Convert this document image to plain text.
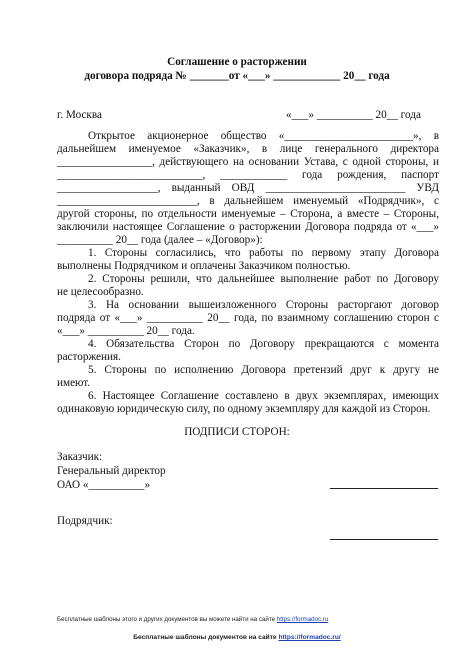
Соглашение о расторжении
договора подряда № _______от «___» ____________ 20__ года
г. Москва	«___» __________ 20__ года
Открытое акционерное общество «_______________________», в
дальнейшем именуемое «Заказчик», в лице генерального директора
_________________, действующего на основании Устава, с одной стороны, и
__________________________, ____________ года рождения, паспорт
__________________, выданный ОВД _________________________ УВД
_________________________, в дальнейшем именуемый «Подрядчик», с
другой стороны, по отдельности именуемые – Сторона, а вместе – Стороны,
заключили настоящее Соглашение о расторжении Договора подряда от «___»
__________ 20__ года (далее – «Договор»):
1. Стороны согласились, что работы по первому этапу Договора
выполнены Подрядчиком и оплачены Заказчиком полностью.
2. Стороны решили, что дальнейшее выполнение работ по Договору
не целесообразно.
3. На основании вышеизложенного Стороны расторгают договор
подряда от «___» __________ 20__ года, по взаимному соглашению сторон с
«___» __________ 20__ года.
4. Обязательства Сторон по Договору прекращаются с момента
расторжения.
5. Стороны по исполнению Договора претензий друг к другу не
имеют.
6. Настоящее Соглашение составлено в двух экземплярах, имеющих
одинаковую юридическую силу, по одному экземпляру для каждой из Сторон.
ПОДПИСИ СТОРОН:
Заказчик:
Генеральный директор
ОАО «__________»
Подрядчик:
Бесплатные шаблоны этого и других документов вы можете найти на сайте https://formadoc.ru
Бесплатные шаблоны документов на сайте https://formadoc.ru/
